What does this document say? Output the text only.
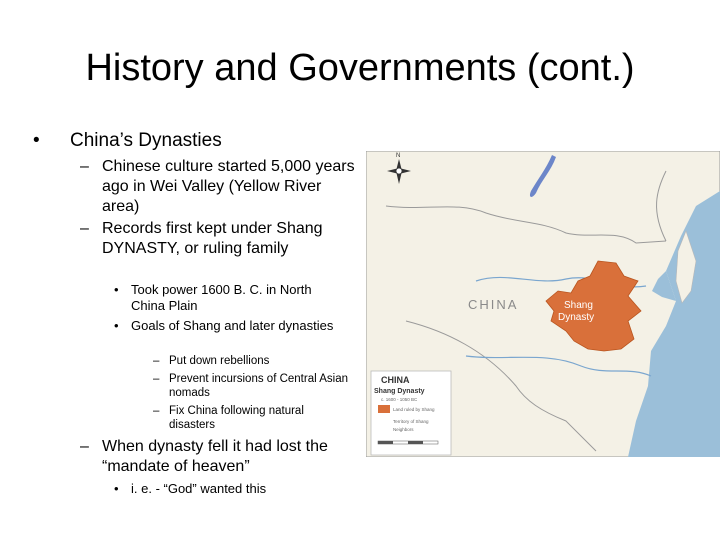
History and Governments (cont.)
• China’s Dynasties
– Chinese culture started 5,000 years ago in Wei Valley (Yellow River area)
– Records first kept under Shang DYNASTY, or ruling family
• Took power 1600 B. C. in North China Plain
• Goals of Shang and later dynasties
– Put down rebellions
– Prevent incursions of Central Asian nomads
– Fix China following natural disasters
– When dynasty fell it had lost the “mandate of heaven”
• i. e. - “God” wanted this
CHINA	Shang
Dynasty
N
CHINA
Shang Dynasty
c. 1600 - 1050 BC
Land ruled by Shang
Territory of Shang
Neighbors
